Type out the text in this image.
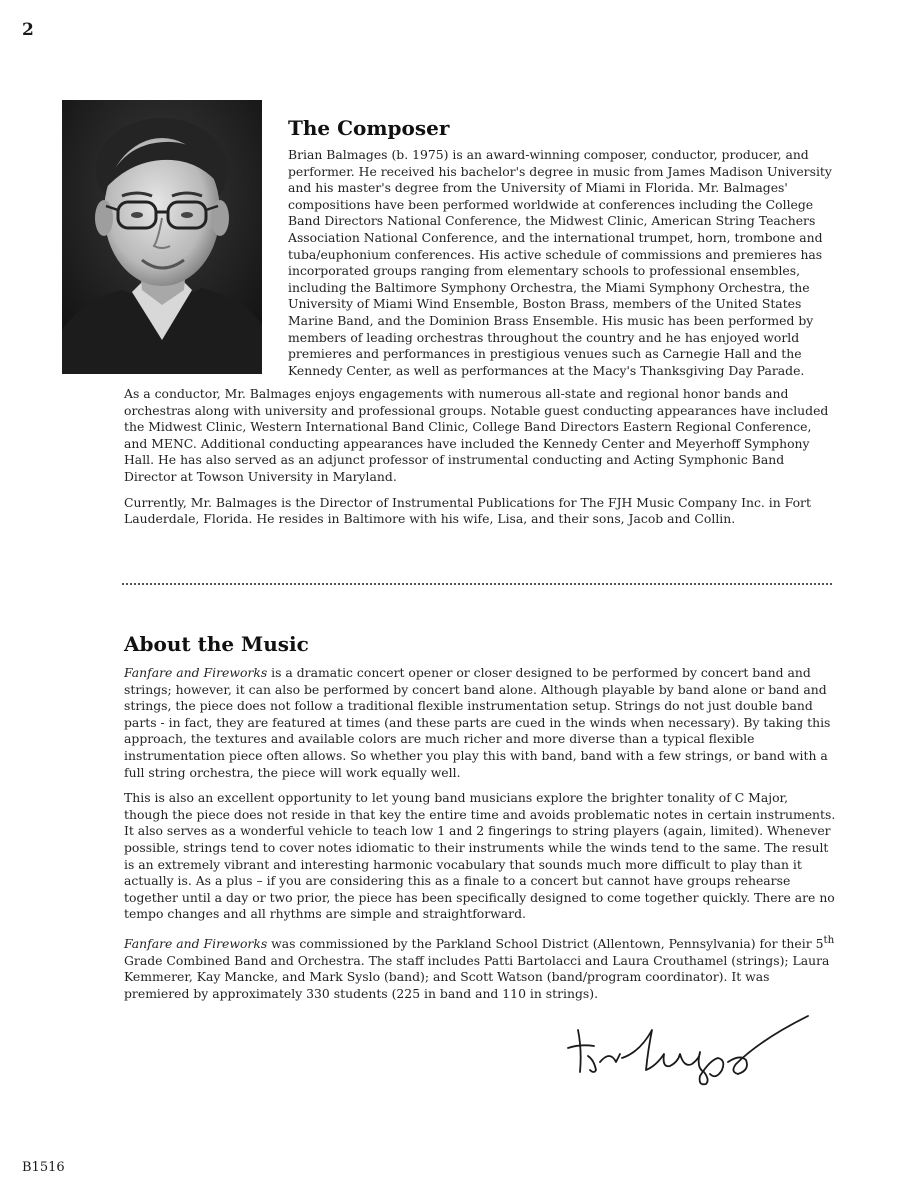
2
The Composer

Brian Balmages (b. 1975) is an award-winning composer, conductor, producer, and performer. He received his bachelor's degree in music from James Madison University and his master's degree from the University of Miami in Florida. Mr. Balmages' compositions have been performed worldwide at conferences including the College Band Directors National Conference, the Midwest Clinic, American String Teachers Association National Conference, and the international trumpet, horn, trombone and tuba/euphonium conferences. His active schedule of commissions and premieres has incorporated groups ranging from elementary schools to professional ensembles, including the Baltimore Symphony Orchestra, the Miami Symphony Orchestra, the University of Miami Wind Ensemble, Boston Brass, members of the United States Marine Band, and the Dominion Brass Ensemble. His music has been performed by members of leading orchestras throughout the country and he has enjoyed world premieres and performances in prestigious venues such as Carnegie Hall and the Kennedy Center, as well as performances at the Macy's Thanksgiving Day Parade.

As a conductor, Mr. Balmages enjoys engagements with numerous all-state and regional honor bands and orchestras along with university and professional groups. Notable guest conducting appearances have included the Midwest Clinic, Western International Band Clinic, College Band Directors Eastern Regional Conference, and MENC. Additional conducting appearances have included the Kennedy Center and Meyerhoff Symphony Hall. He has also served as an adjunct professor of instrumental conducting and Acting Symphonic Band Director at Towson University in Maryland.

Currently, Mr. Balmages is the Director of Instrumental Publications for The FJH Music Company Inc. in Fort Lauderdale, Florida. He resides in Baltimore with his wife, Lisa, and their sons, Jacob and Collin.

About the Music

Fanfare and Fireworks is a dramatic concert opener or closer designed to be performed by concert band and strings; however, it can also be performed by concert band alone. Although playable by band alone or band and strings, the piece does not follow a traditional flexible instrumentation setup. Strings do not just double band parts - in fact, they are featured at times (and these parts are cued in the winds when necessary). By taking this approach, the textures and available colors are much richer and more diverse than a typical flexible instrumentation piece often allows. So whether you play this with band, band with a few strings, or band with a full string orchestra, the piece will work equally well.

This is also an excellent opportunity to let young band musicians explore the brighter tonality of C Major, though the piece does not reside in that key the entire time and avoids problematic notes in certain instruments. It also serves as a wonderful vehicle to teach low 1 and 2 fingerings to string players (again, limited). Whenever possible, strings tend to cover notes idiomatic to their instruments while the winds tend to the same. The result is an extremely vibrant and interesting harmonic vocabulary that sounds much more difficult to play than it actually is. As a plus – if you are considering this as a finale to a concert but cannot have groups rehearse together until a day or two prior, the piece has been specifically designed to come together quickly. There are no tempo changes and all rhythms are simple and straightforward.

Fanfare and Fireworks was commissioned by the Parkland School District (Allentown, Pennsylvania) for their 5th Grade Combined Band and Orchestra. The staff includes Patti Bartolacci and Laura Crouthamel (strings); Laura Kemmerer, Kay Mancke, and Mark Syslo (band); and Scott Watson (band/program coordinator). It was premiered by approximately 330 students (225 in band and 110 in strings).

B1516
